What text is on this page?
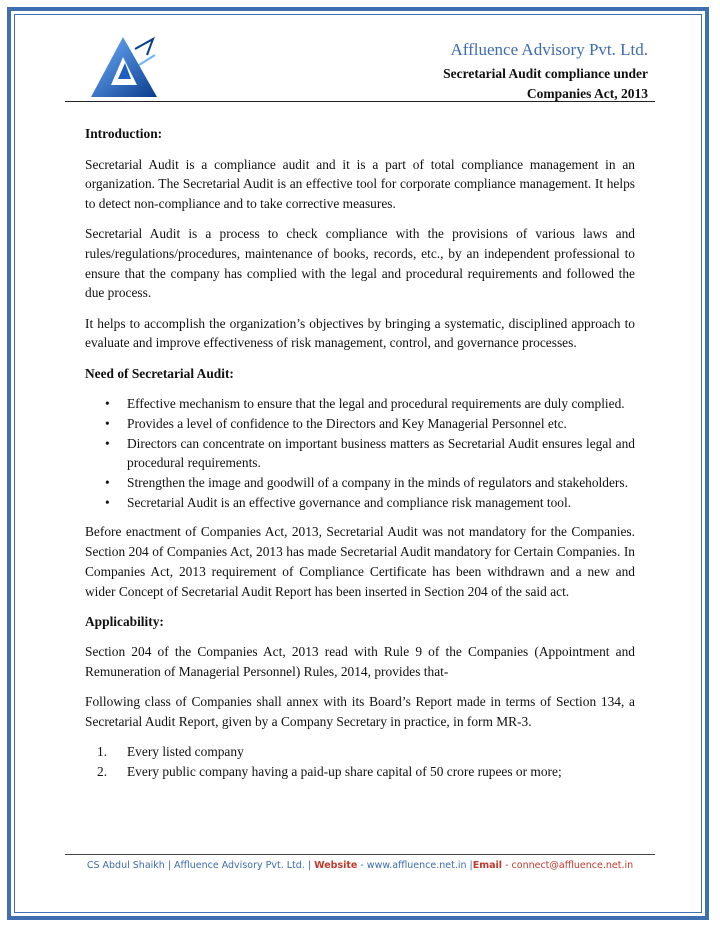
Affluence Advisory Pvt. Ltd.
Secretarial Audit compliance under
Companies Act, 2013
Introduction:

Secretarial Audit is a compliance audit and it is a part of total compliance management in an organization. The Secretarial Audit is an effective tool for corporate compliance management. It helps to detect non-compliance and to take corrective measures.

Secretarial Audit is a process to check compliance with the provisions of various laws and rules/regulations/procedures, maintenance of books, records, etc., by an independent professional to ensure that the company has complied with the legal and procedural requirements and followed the due process.

It helps to accomplish the organization’s objectives by bringing a systematic, disciplined approach to evaluate and improve effectiveness of risk management, control, and governance processes.

Need of Secretarial Audit:
• Effective mechanism to ensure that the legal and procedural requirements are duly complied.
• Provides a level of confidence to the Directors and Key Managerial Personnel etc.
• Directors can concentrate on important business matters as Secretarial Audit ensures legal and procedural requirements.
• Strengthen the image and goodwill of a company in the minds of regulators and stakeholders.
• Secretarial Audit is an effective governance and compliance risk management tool.

Before enactment of Companies Act, 2013, Secretarial Audit was not mandatory for the Companies. Section 204 of Companies Act, 2013 has made Secretarial Audit mandatory for Certain Companies. In Companies Act, 2013 requirement of Compliance Certificate has been withdrawn and a new and wider Concept of Secretarial Audit Report has been inserted in Section 204 of the said act.

Applicability:

Section 204 of the Companies Act, 2013 read with Rule 9 of the Companies (Appointment and Remuneration of Managerial Personnel) Rules, 2014, provides that-

Following class of Companies shall annex with its Board’s Report made in terms of Section 134, a Secretarial Audit Report, given by a Company Secretary in practice, in form MR-3.

1. Every listed company
2. Every public company having a paid-up share capital of 50 crore rupees or more;
CS Abdul Shaikh | Affluence Advisory Pvt. Ltd. | Website - www.affluence.net.in |Email - connect@affluence.net.in
